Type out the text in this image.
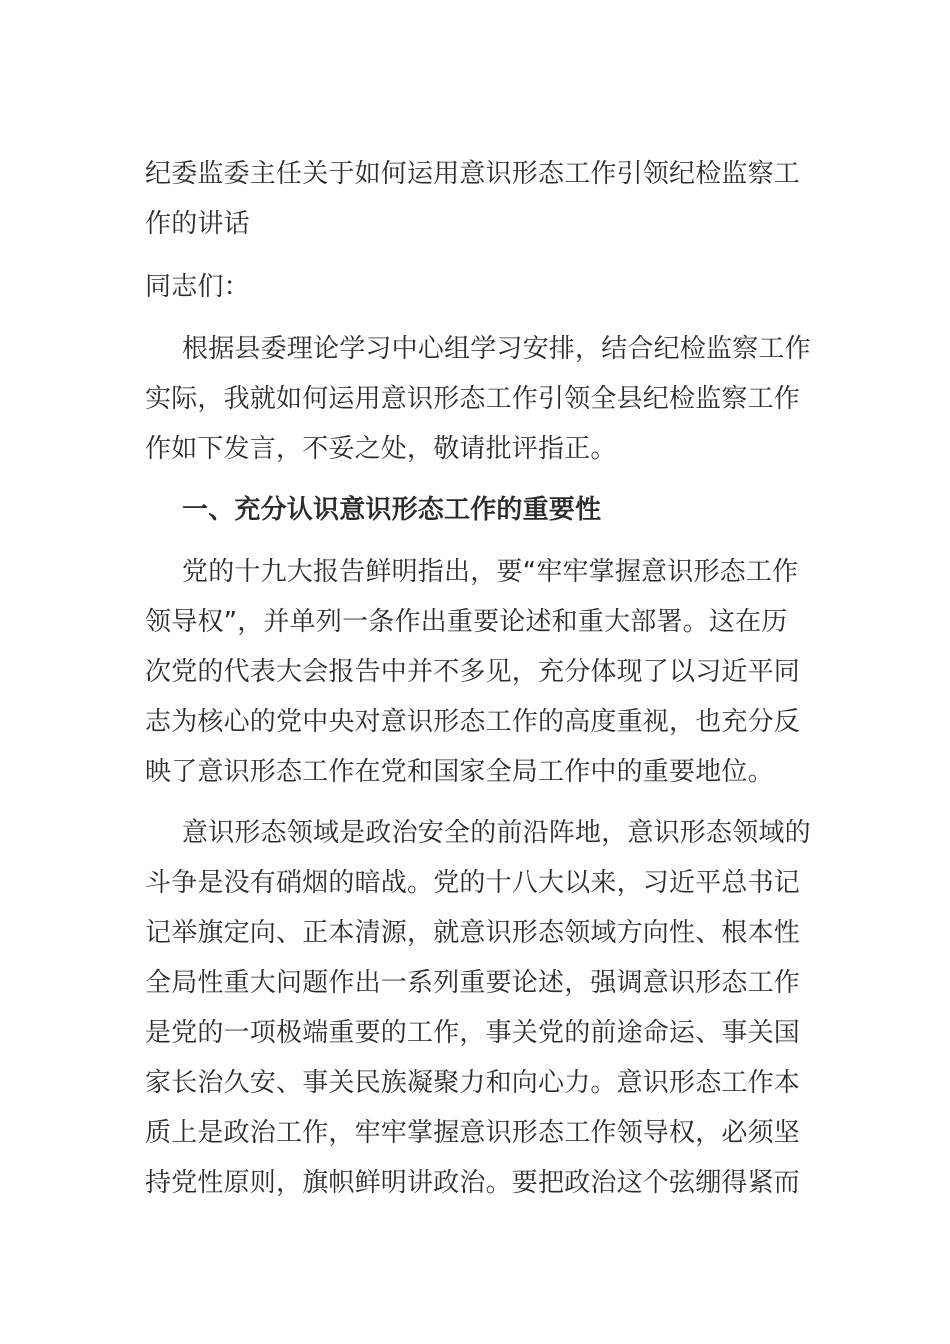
纪委监委主任关于如何运用意识形态工作引领纪检监察工
作的讲话
同志们：
根据县委理论学习中心组学习安排，结合纪检监察工作
实际，我就如何运用意识形态工作引领全县纪检监察工作
作如下发言，不妥之处，敬请批评指正。
一、充分认识意识形态工作的重要性
党的十九大报告鲜明指出，要“牢牢掌握意识形态工作
领导权”，并单列一条作出重要论述和重大部署。这在历
次党的代表大会报告中并不多见，充分体现了以习近平同
志为核心的党中央对意识形态工作的高度重视，也充分反
映了意识形态工作在党和国家全局工作中的重要地位。
意识形态领域是政治安全的前沿阵地，意识形态领域的
斗争是没有硝烟的暗战。党的十八大以来，习近平总书记
记举旗定向、正本清源，就意识形态领域方向性、根本性
全局性重大问题作出一系列重要论述，强调意识形态工作
是党的一项极端重要的工作，事关党的前途命运、事关国
家长治久安、事关民族凝聚力和向心力。意识形态工作本
质上是政治工作，牢牢掌握意识形态工作领导权，必须坚
持党性原则，旗帜鲜明讲政治。要把政治这个弦绷得紧而
